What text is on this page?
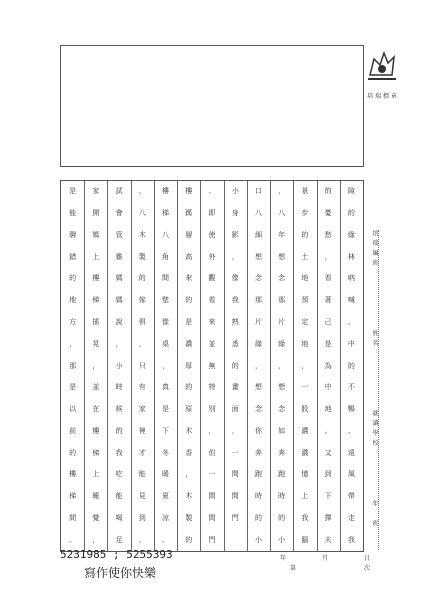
培 瑞 標 章
隙
的
綠
林
吶
喊
、
中
的
不
暢
、
遠
風
帶
走
我
的
憂
愁
，
看
著
己
是
為
中
地
。
又
到
下
擇
夫
景
步
的
土
地
預
定
地
，
一
股
濃
濃
憶
上
我
腦
，
八
年
想
念
那
片
綠
，
想
念
如
奔
跑
時
的
小
口
八
細
想
念
那
片
綠
，
想
念
你
奔
跑
時
的
小
小
身
影
，
像
我
熟
悉
的
畫
面
，
一
間
間
門
、
即
使
外
觀
看
來
並
無
特
別
，
但
一
間
間
門
樓
蹊
層
高
來
的
是
濃
厚
的
原
木
香
，
木
製
的
樓
梯
八
角
間
壁
像
桌
，
真
是
下
冬
暖
夏
涼
。
、
八
木
製
的
傢
俱
，
只
有
家
裡
才
能
見
到
，
試
會
管
雞
媽
媽
說
，
小
時
候
的
我
吃
能
喝
足
家
開
媽
上
樓
梯
搖
晃
，
並
在
樓
梯
上
睡
覺
，
是
能
聊
錯
的
地
方
，
那
是
以
前
的
樓
梯
間
。
培 瑞 編 班 ：
姓 名 ：
就 讀 學 校 ：
年
班
年	月	日
第	次
5231985 ; 5255393
寫作使你快樂
